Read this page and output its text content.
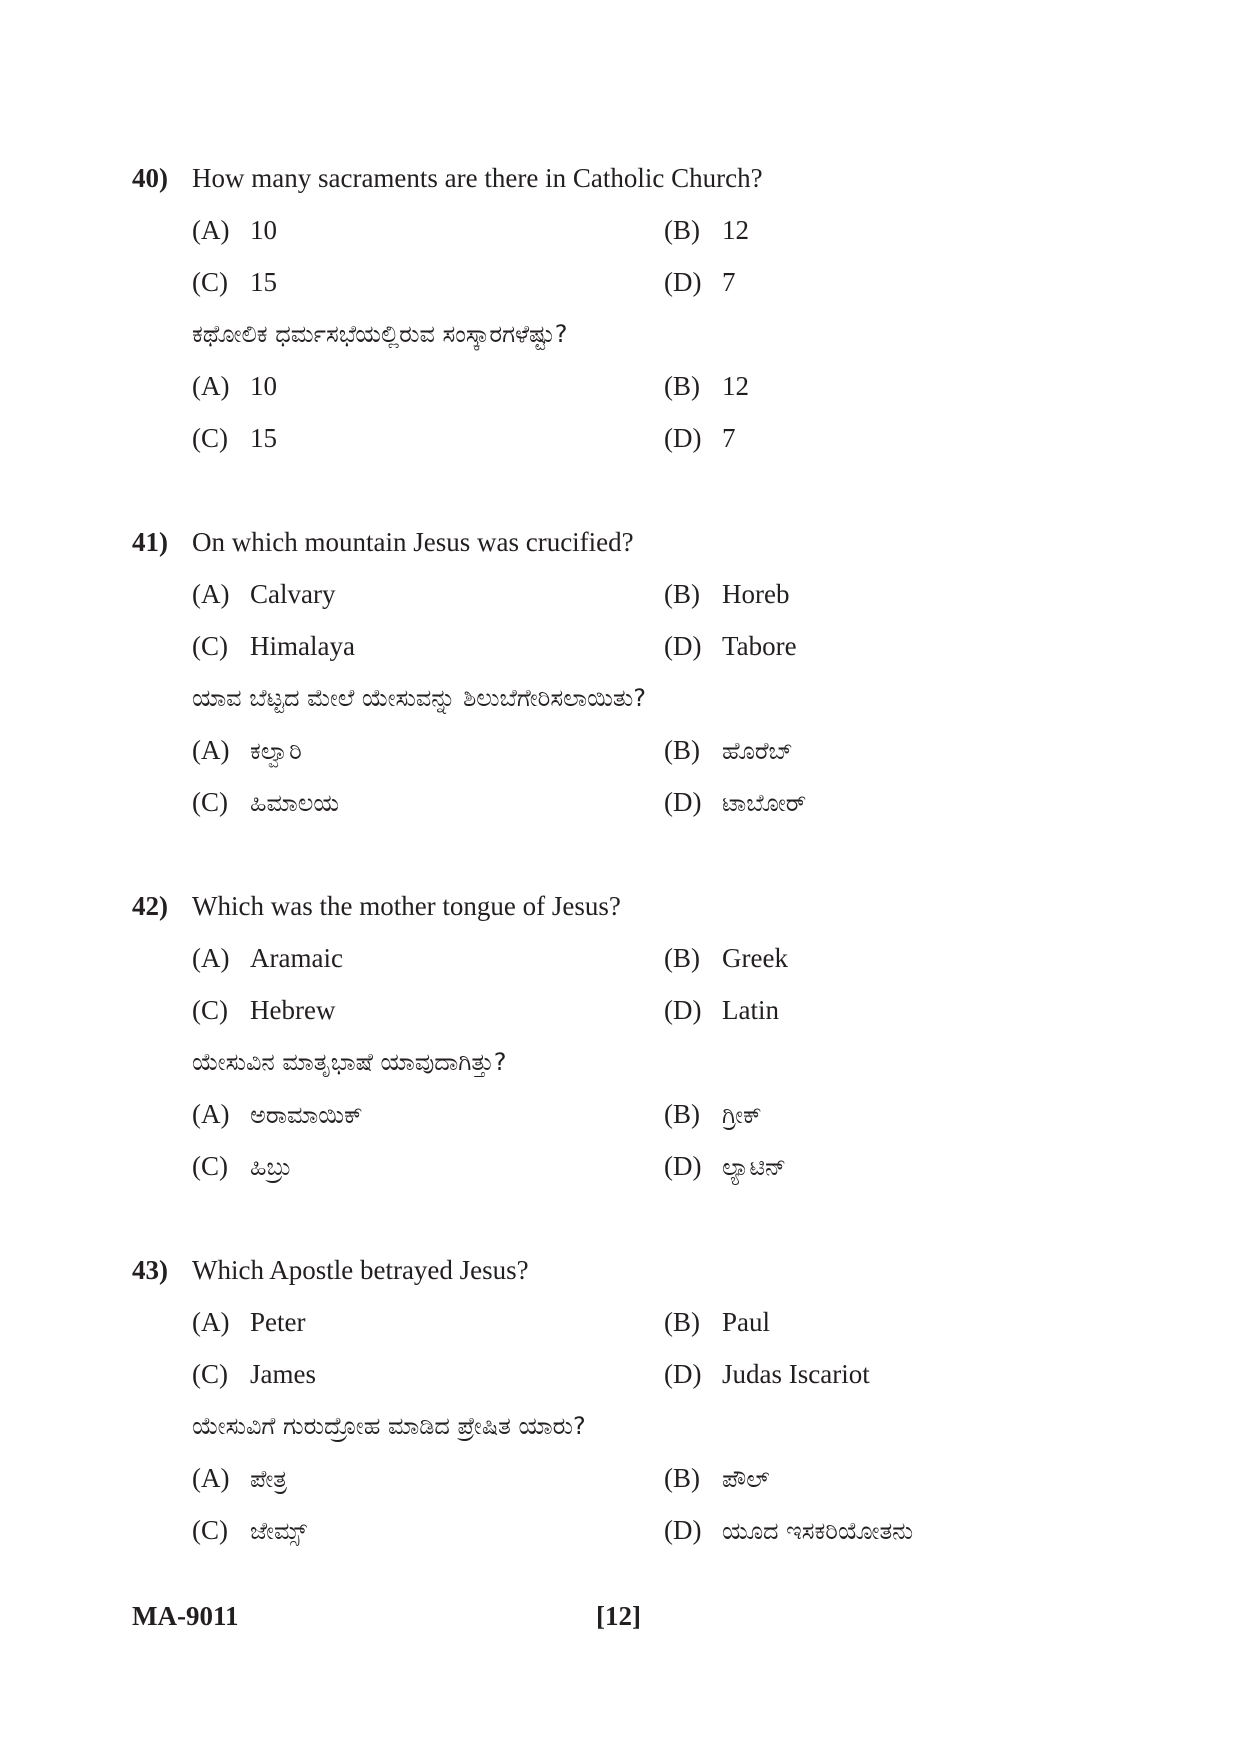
40) How many sacraments are there in Catholic Church?
(A) 10	(B) 12
(C) 15	(D) 7
ಕಥೋಲಿಕ ಧರ್ಮಸಭೆಯಲ್ಲಿರುವ ಸಂಸ್ಕಾರಗಳೆಷ್ಟು?
(A) 10	(B) 12
(C) 15	(D) 7
41) On which mountain Jesus was crucified?
(A) Calvary	(B) Horeb
(C) Himalaya	(D) Tabore
ಯಾವ ಬೆಟ್ಟದ ಮೇಲೆ ಯೇಸುವನ್ನು ಶಿಲುಬೆಗೇರಿಸಲಾಯಿತು?
(A) ಕಲ್ವಾರಿ	(B) ಹೊರೆಬ್
(C) ಹಿಮಾಲಯ	(D) ಟಾಬೋರ್
42) Which was the mother tongue of Jesus?
(A) Aramaic	(B) Greek
(C) Hebrew	(D) Latin
ಯೇಸುವಿನ ಮಾತೃಭಾಷೆ ಯಾವುದಾಗಿತ್ತು?
(A) ಅರಾಮಾಯಿಕ್	(B) ಗ್ರೀಕ್
(C) ಹಿಬ್ರು	(D) ಲ್ಯಾಟಿನ್
43) Which Apostle betrayed Jesus?
(A) Peter	(B) Paul
(C) James	(D) Judas Iscariot
ಯೇಸುವಿಗೆ ಗುರುದ್ರೋಹ ಮಾಡಿದ ಪ್ರೇಷಿತ ಯಾರು?
(A) ಪೇತ್ರ	(B) ಪೌಲ್
(C) ಜೇಮ್ಸ್	(D) ಯೂದ ಇಸಕರಿಯೋತನು
MA-9011	[12]
